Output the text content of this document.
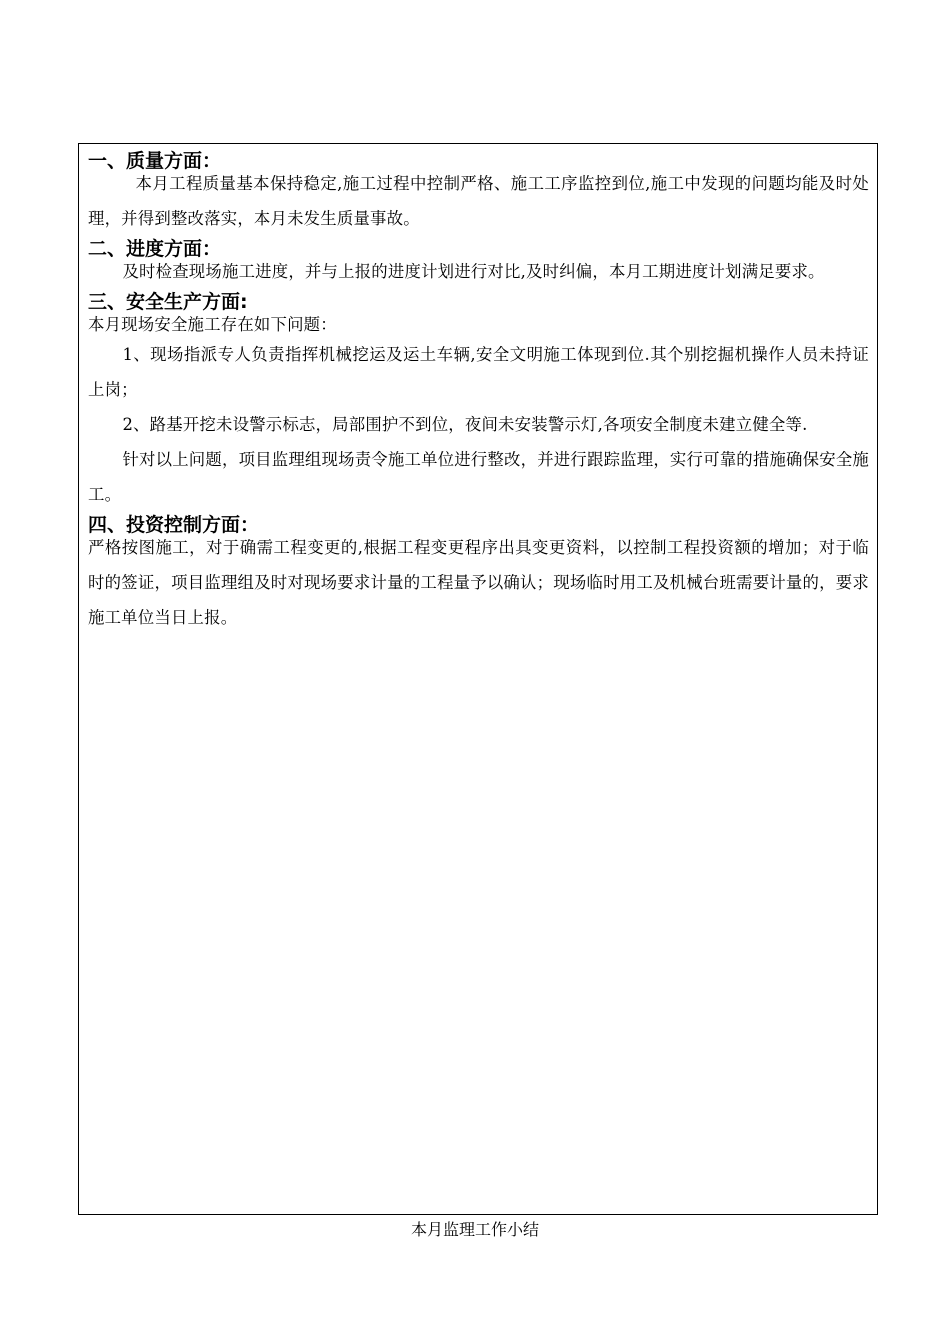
一、质量方面：

本月工程质量基本保持稳定,施工过程中控制严格、施工工序监控到位,施工中发现的问题均能及时处理，并得到整改落实，本月未发生质量事故。

二、进度方面：

及时检查现场施工进度，并与上报的进度计划进行对比,及时纠偏，本月工期进度计划满足要求。

三、安全生产方面:

本月现场安全施工存在如下问题：

1、现场指派专人负责指挥机械挖运及运土车辆,安全文明施工体现到位.其个别挖掘机操作人员未持证上岗；

2、路基开挖未设警示标志，局部围护不到位，夜间未安装警示灯,各项安全制度未建立健全等.

针对以上问题，项目监理组现场责令施工单位进行整改，并进行跟踪监理，实行可靠的措施确保安全施工。

四、投资控制方面：

严格按图施工，对于确需工程变更的,根据工程变更程序出具变更资料，以控制工程投资额的增加；对于临时的签证，项目监理组及时对现场要求计量的工程量予以确认；现场临时用工及机械台班需要计量的，要求施工单位当日上报。

本月监理工作小结
